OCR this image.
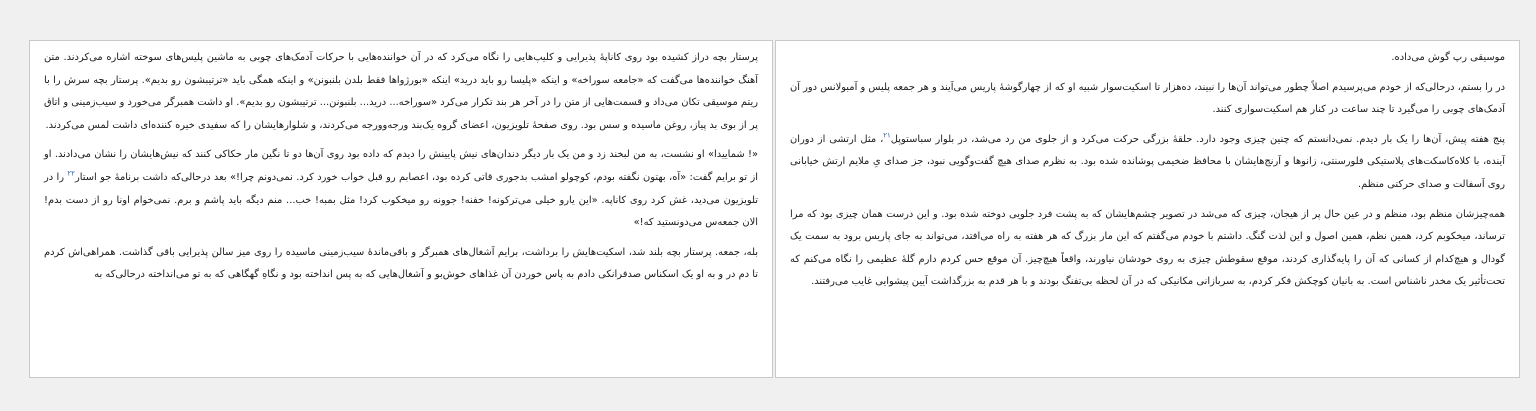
موسیقی رپ گوش می‌داده.

در را بستم، درحالی‌که از خودم می‌پرسیدم اصلاً چطور می‌تواند آن‌ها را نبیند، ده‌هزار تا اسکیت‌سوار شبیه او که از چهارگوشهٔ پاریس می‌آیند و هر جمعه پلیس و آمبولانس دور آن آدمک‌های چوبی را می‌گیرد تا چند ساعت در کنار هم اسکیت‌سواری کنند.

پنج هفته پیش، آن‌ها را یک بار دیدم. نمی‌دانستم که چنین چیزی وجود دارد. حلقهٔ بزرگی حرکت می‌کرد و از جلوی من رد می‌شد، در بلوار سباستوپل$^{۲۱}$، مثل ارتشی از دوران آینده، با کلاه‌کاسکت‌های پلاستیکی فلورسنتی، زانوها و آرنج‌هایشان با محافظ ضخیمی پوشانده شده بود. به نظرم صدای هیچ گفت‌وگویی نبود، جز صدای یِ ملایم ارتش خیابانی روی آسفالت و صدای حرکتی منظم.

همه‌چیزشان منظم بود، منظم و در عین حال پر از هیجان، چیزی که می‌شد در تصویر چشم‌هایشان که به پشت فرد جلویی دوخته شده بود. و این درست همان چیزی بود که مرا ترساند، میخکوبم کرد، همین نظم، همین اصول و این لذت گنگ. داشتم با خودم می‌گفتم که این مار بزرگ که هر هفته به راه می‌افتد، می‌تواند به جای پاریس برود به سمت یک گودال و هیچ‌کدام از کسانی که آن را پایه‌گذاری کردند، موقع سقوطش چیزی به روی خودشان نیاورند، واقعاً هیچ‌چیز. آن موقع حس کردم دارم گلهٔ عظیمی را نگاه می‌کنم که تحت‌تأثیر یک مخدر ناشناس است. به بانیان کوچکش فکر کردم، به سربازانی مکانیکی که در آن لحظه بی‌تفنگ بودند و با هر قدم به بزرگداشت آیین پیشوایی غایب می‌رفتند.

پرستار بچه دراز کشیده بود روی کاناپهٔ پذیرایی و کلیپ‌هایی را نگاه می‌کرد که در آن خواننده‌هایی با حرکات آدمک‌های چوبی به ماشین پلیس‌های سوخته اشاره می‌کردند. متن آهنگ خواننده‌ها می‌گفت که «جامعه سوراخه» و اینکه «پلیسا رو باید درید» اینکه «بورژواها فقط بلدن بلنبونن» و اینکه همگی باید «ترتیبشون رو بدیم». پرستار بچه سرش را با ریتم موسیقی تکان می‌داد و قسمت‌هایی از متن را در آخر هر بند تکرار می‌کرد «سوراخه... درید... بلنبونن... ترتیبشون رو بدیم». او داشت همبرگر می‌خورد و سیب‌زمینی و اتاق پر از بوی بد پیاز، روغن ماسیده و سس بود. روی صفحهٔ تلویزیون، اعضای گروه یک‌بند ورجه‌وورجه می‌کردند، و شلوارهایشان را که سفیدی خیره کننده‌ای داشت لمس می‌کردند.

«! شماییدا» او نشست، به من لبخند زد و من یک بار دیگر دندان‌های نیش پایینش را دیدم که داده بود روی آن‌ها دو تا نگین مار حکاکی کنند که نیش‌هایشان را نشان می‌دادند. او از تو برایم گفت: «آه، بهتون نگفته بودم، کوچولو امشب بدجوری قاتی کرده بود، اعصابم رو قبل خواب خورد کرد. نمی‌دونم چرا!» بعد درحالی‌که داشت برنامهٔ جو استار$^{۲۲}$ را در تلویزیون می‌دید، غش کرد روی کاناپه. «این یارو خیلی می‌ترکونه! خفنه! جوونه رو میخکوب کرد! مثل بمبه! خب... منم دیگه باید پاشم و برم. نمی‌خوام اونا رو از دست بدم! الان جمعه‌س می‌دونستید که!»

بله، جمعه. پرستار بچه بلند شد، اسکیت‌هایش را برداشت، برایم آشغال‌های همبرگر و باقی‌ماندهٔ سیب‌زمینی ماسیده را روی میز سالن پذیرایی باقی گذاشت. همراهی‌اش کردم تا دم در و به او یک اسکناس صدفرانکی دادم به پاس خوردن آن غذاهای خوش‌بو و آشغال‌هایی که به پس انداخته بود و نگاهِ گهگاهی که به تو می‌انداخته درحالی‌که به
